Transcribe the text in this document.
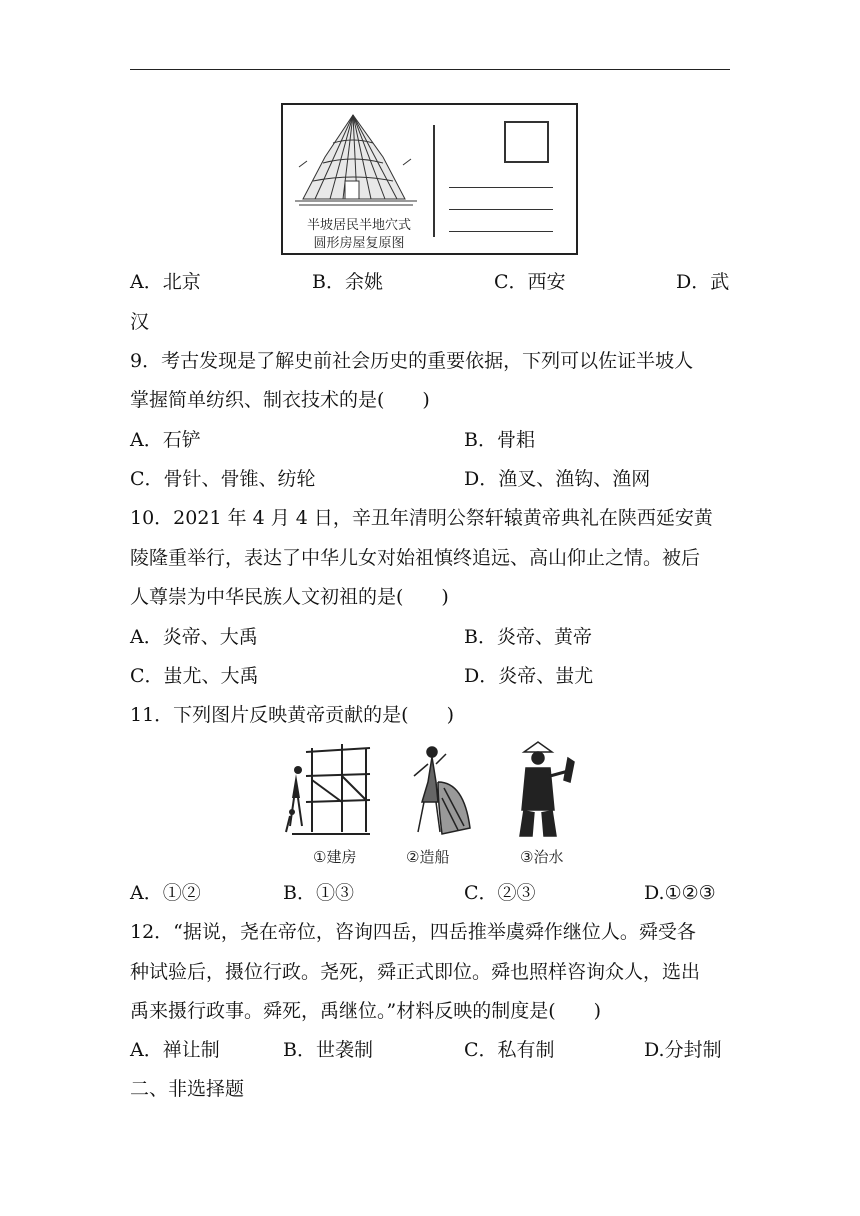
半坡居民半地穴式
圆形房屋复原图
A．北京	B．余姚	C．西安	D．武
汉
9．考古发现是了解史前社会历史的重要依据，下列可以佐证半坡人
掌握简单纺织、制衣技术的是(　　)
A．石铲	B．骨耜
C．骨针、骨锥、纺轮	D．渔叉、渔钩、渔网
10．2021 年 4 月 4 日，辛丑年清明公祭轩辕黄帝典礼在陕西延安黄
陵隆重举行，表达了中华儿女对始祖慎终追远、高山仰止之情。被后
人尊崇为中华民族人文初祖的是(　　)
A．炎帝、大禹	B．炎帝、黄帝
C．蚩尤、大禹	D．炎帝、蚩尤
11．下列图片反映黄帝贡献的是(　　)
①建房	②造船	③治水
A．①②	B．①③	C．②③	D.①②③
12．“据说，尧在帝位，咨询四岳，四岳推举虞舜作继位人。舜受各
种试验后，摄位行政。尧死，舜正式即位。舜也照样咨询众人，选出
禹来摄行政事。舜死，禹继位。”材料反映的制度是(　　)
A．禅让制	B．世袭制	C．私有制	D.分封制
二、非选择题
